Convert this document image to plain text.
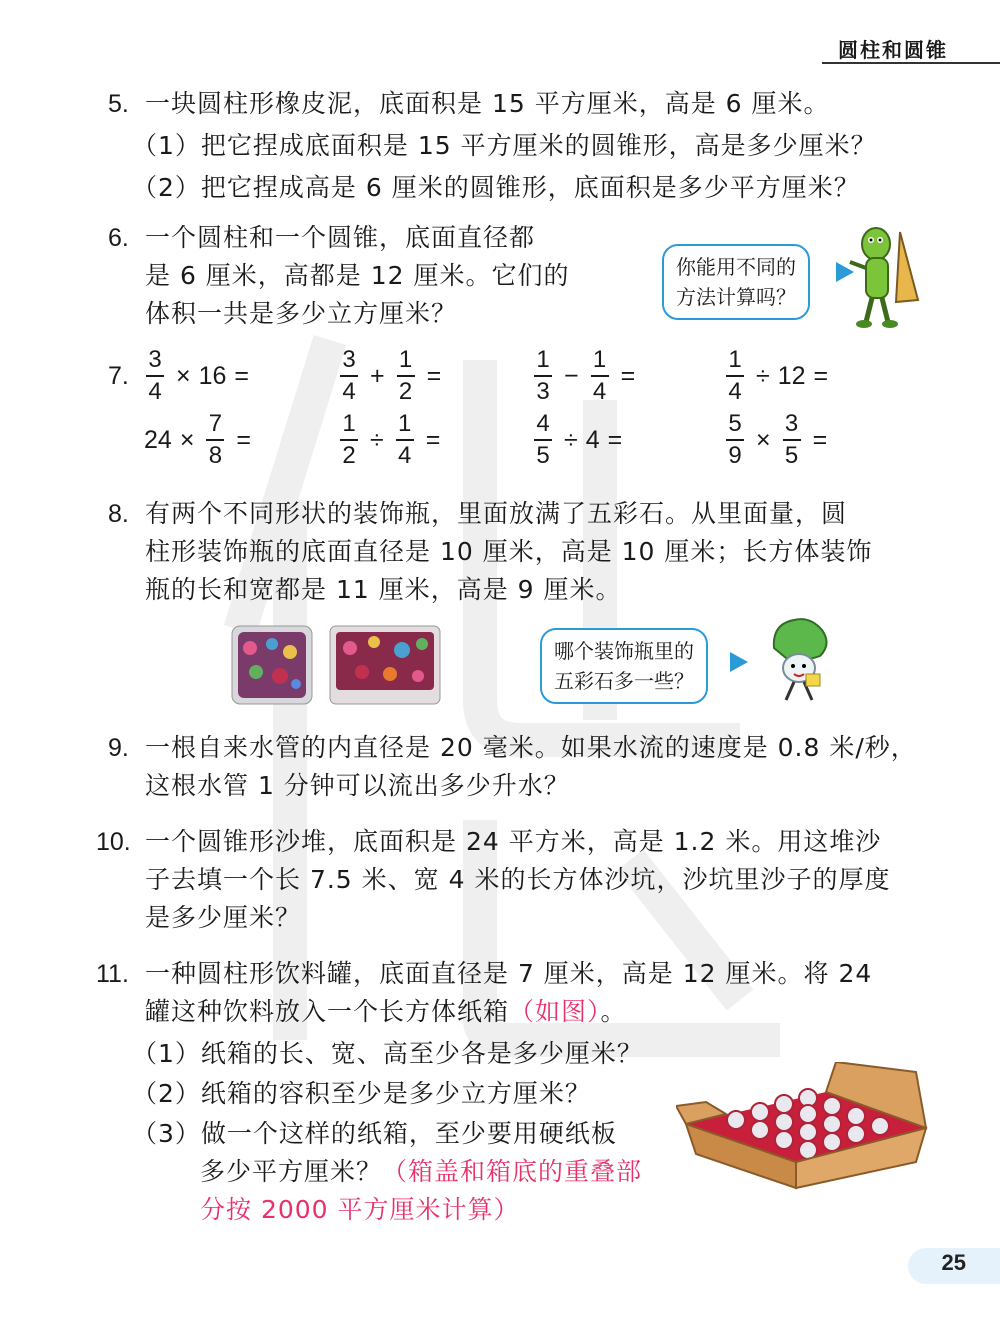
圆柱和圆锥
5. 一块圆柱形橡皮泥，底面积是 15 平方厘米，高是 6 厘米。
（1）把它捏成底面积是 15 平方厘米的圆锥形，高是多少厘米？
（2）把它捏成高是 6 厘米的圆锥形，底面积是多少平方厘米？
6. 一个圆柱和一个圆锥，底面直径都
是 6 厘米，高都是 12 厘米。它们的
体积一共是多少立方厘米？
你能用不同的
方法计算吗？
7. $\frac{3}{4} \times 16$ =	$\frac{3}{4} + \frac{1}{2}$ =	$\frac{1}{3} - \frac{1}{4}$ =	$\frac{1}{4} \div 12$ =
$24 \times \frac{7}{8}$ =	$\frac{1}{2} \div \frac{1}{4}$ =	$\frac{4}{5} \div 4$ =	$\frac{5}{9} \times \frac{3}{5}$ =
8. 有两个不同形状的装饰瓶，里面放满了五彩石。从里面量，圆
柱形装饰瓶的底面直径是 10 厘米，高是 10 厘米；长方体装饰
瓶的长和宽都是 11 厘米，高是 9 厘米。
哪个装饰瓶里的
五彩石多一些？
9. 一根自来水管的内直径是 20 毫米。如果水流的速度是 0.8 米/秒，
这根水管 1 分钟可以流出多少升水？
10. 一个圆锥形沙堆，底面积是 24 平方米，高是 1.2 米。用这堆沙
子去填一个长 7.5 米、宽 4 米的长方体沙坑，沙坑里沙子的厚度
是多少厘米？
11. 一种圆柱形饮料罐，底面直径是 7 厘米，高是 12 厘米。将 24
罐这种饮料放入一个长方体纸箱（如图）。
（1）纸箱的长、宽、高至少各是多少厘米？
（2）纸箱的容积至少是多少立方厘米？
（3）做一个这样的纸箱，至少要用硬纸板
多少平方厘米？（箱盖和箱底的重叠部
分按 2000 平方厘米计算）
25
